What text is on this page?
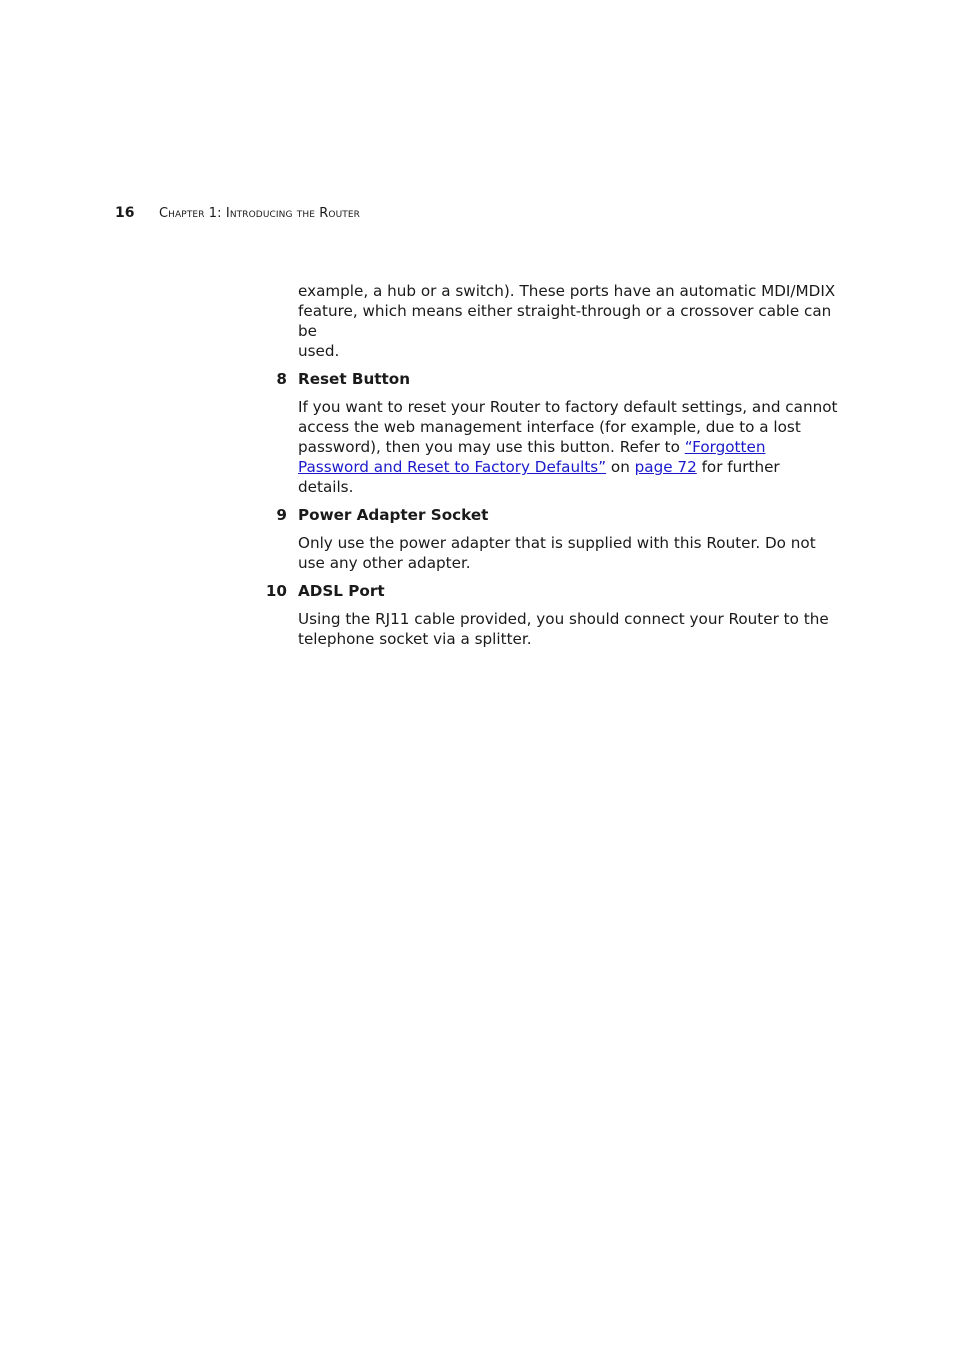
16 Chapter 1: Introducing the Router

example, a hub or a switch). These ports have an automatic MDI/MDIX
feature, which means either straight-through or a crossover cable can be
used.

8 Reset Button

If you want to reset your Router to factory default settings, and cannot access the web management interface (for example, due to a lost password), then you may use this button. Refer to “Forgotten Password and Reset to Factory Defaults” on page 72 for further details.

9 Power Adapter Socket

Only use the power adapter that is supplied with this Router. Do not use any other adapter.

10 ADSL Port

Using the RJ11 cable provided, you should connect your Router to the telephone socket via a splitter.
